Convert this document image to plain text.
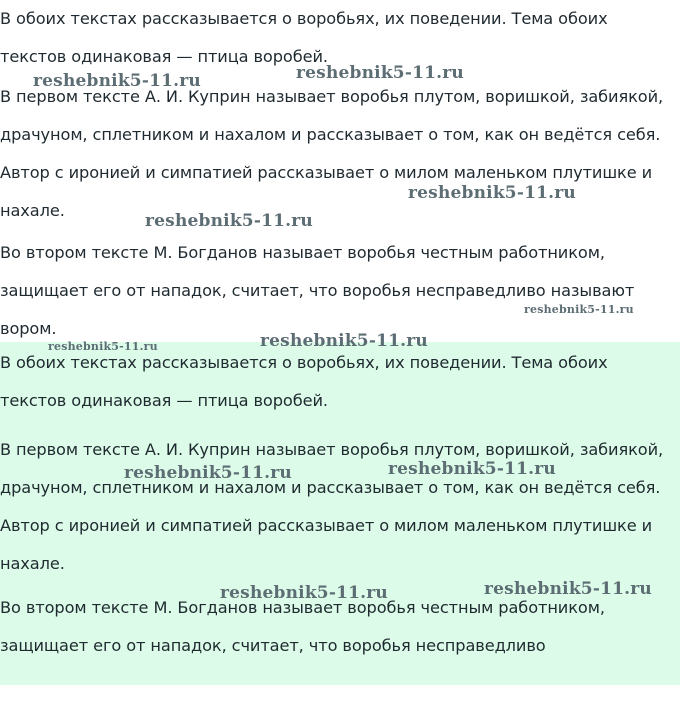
В обоих текстах рассказывается о воробьях, их поведении. Тема обоих текстов одинаковая — птица воробей.

В первом тексте А. И. Куприн называет воробья плутом, воришкой, забиякой, драчуном, сплетником и нахалом и рассказывает о том, как он ведётся себя. Автор с иронией и симпатией рассказывает о милом маленьком плутишке и нахале.

Во втором тексте М. Богданов называет воробья честным работником, защищает его от нападок, считает, что воробья несправедливо называют вором.

В обоих текстах рассказывается о воробьях, их поведении. Тема обоих текстов одинаковая — птица воробей.

В первом тексте А. И. Куприн называет воробья плутом, воришкой, забиякой, драчуном, сплетником и нахалом и рассказывает о том, как он ведётся себя. Автор с иронией и симпатией рассказывает о милом маленьком плутишке и нахале.

Во втором тексте М. Богданов называет воробья честным работником, защищает его от нападок, считает, что воробья несправедливо

reshebnik5-11.ru	reshebnik5-11.ru
reshebnik5-11.ru
reshebnik5-11.ru
reshebnik5-11.ru
reshebnik5-11.ru	reshebnik5-11.ru
reshebnik5-11.ru	reshebnik5-11.ru
reshebnik5-11.ru	reshebnik5-11.ru
